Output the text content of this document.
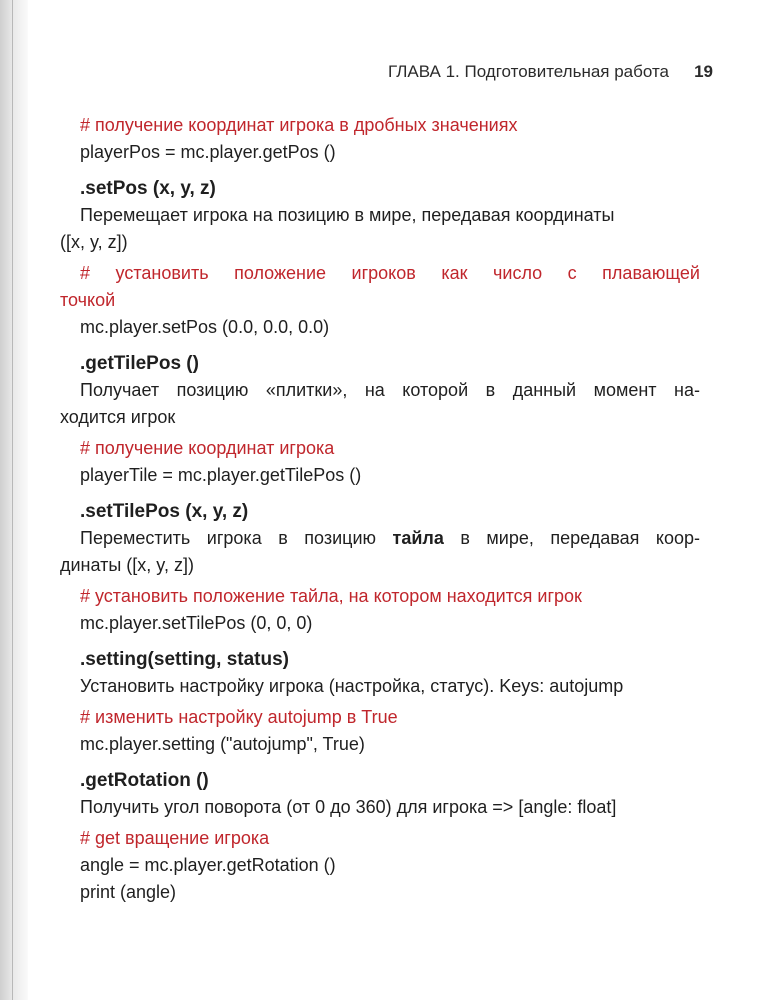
ГЛАВА 1. Подготовительная работа 19
# получение координат игрока в дробных значениях
playerPos = mc.player.getPos ()
.setPos (x, y, z)
Перемещает игрока на позицию в мире, передавая координаты
([x, y, z])
# установить положение игроков как число с плавающей
точкой
mc.player.setPos (0.0, 0.0, 0.0)
.getTilePos ()
Получает позицию «плитки», на которой в данный момент на-
ходится игрок
# получение координат игрока
playerTile = mc.player.getTilePos ()
.setTilePos (x, y, z)
Переместить игрока в позицию тайла в мире, передавая коор-
динаты ([x, y, z])
# установить положение тайла, на котором находится игрок
mc.player.setTilePos (0, 0, 0)
.setting(setting, status)
Установить настройку игрока (настройка, статус). Keys: autojump
# изменить настройку autojump в True
mc.player.setting ("autojump", True)
.getRotation ()
Получить угол поворота (от 0 до 360) для игрока => [angle: float]
# get вращение игрока
angle = mc.player.getRotation ()
print (angle)
